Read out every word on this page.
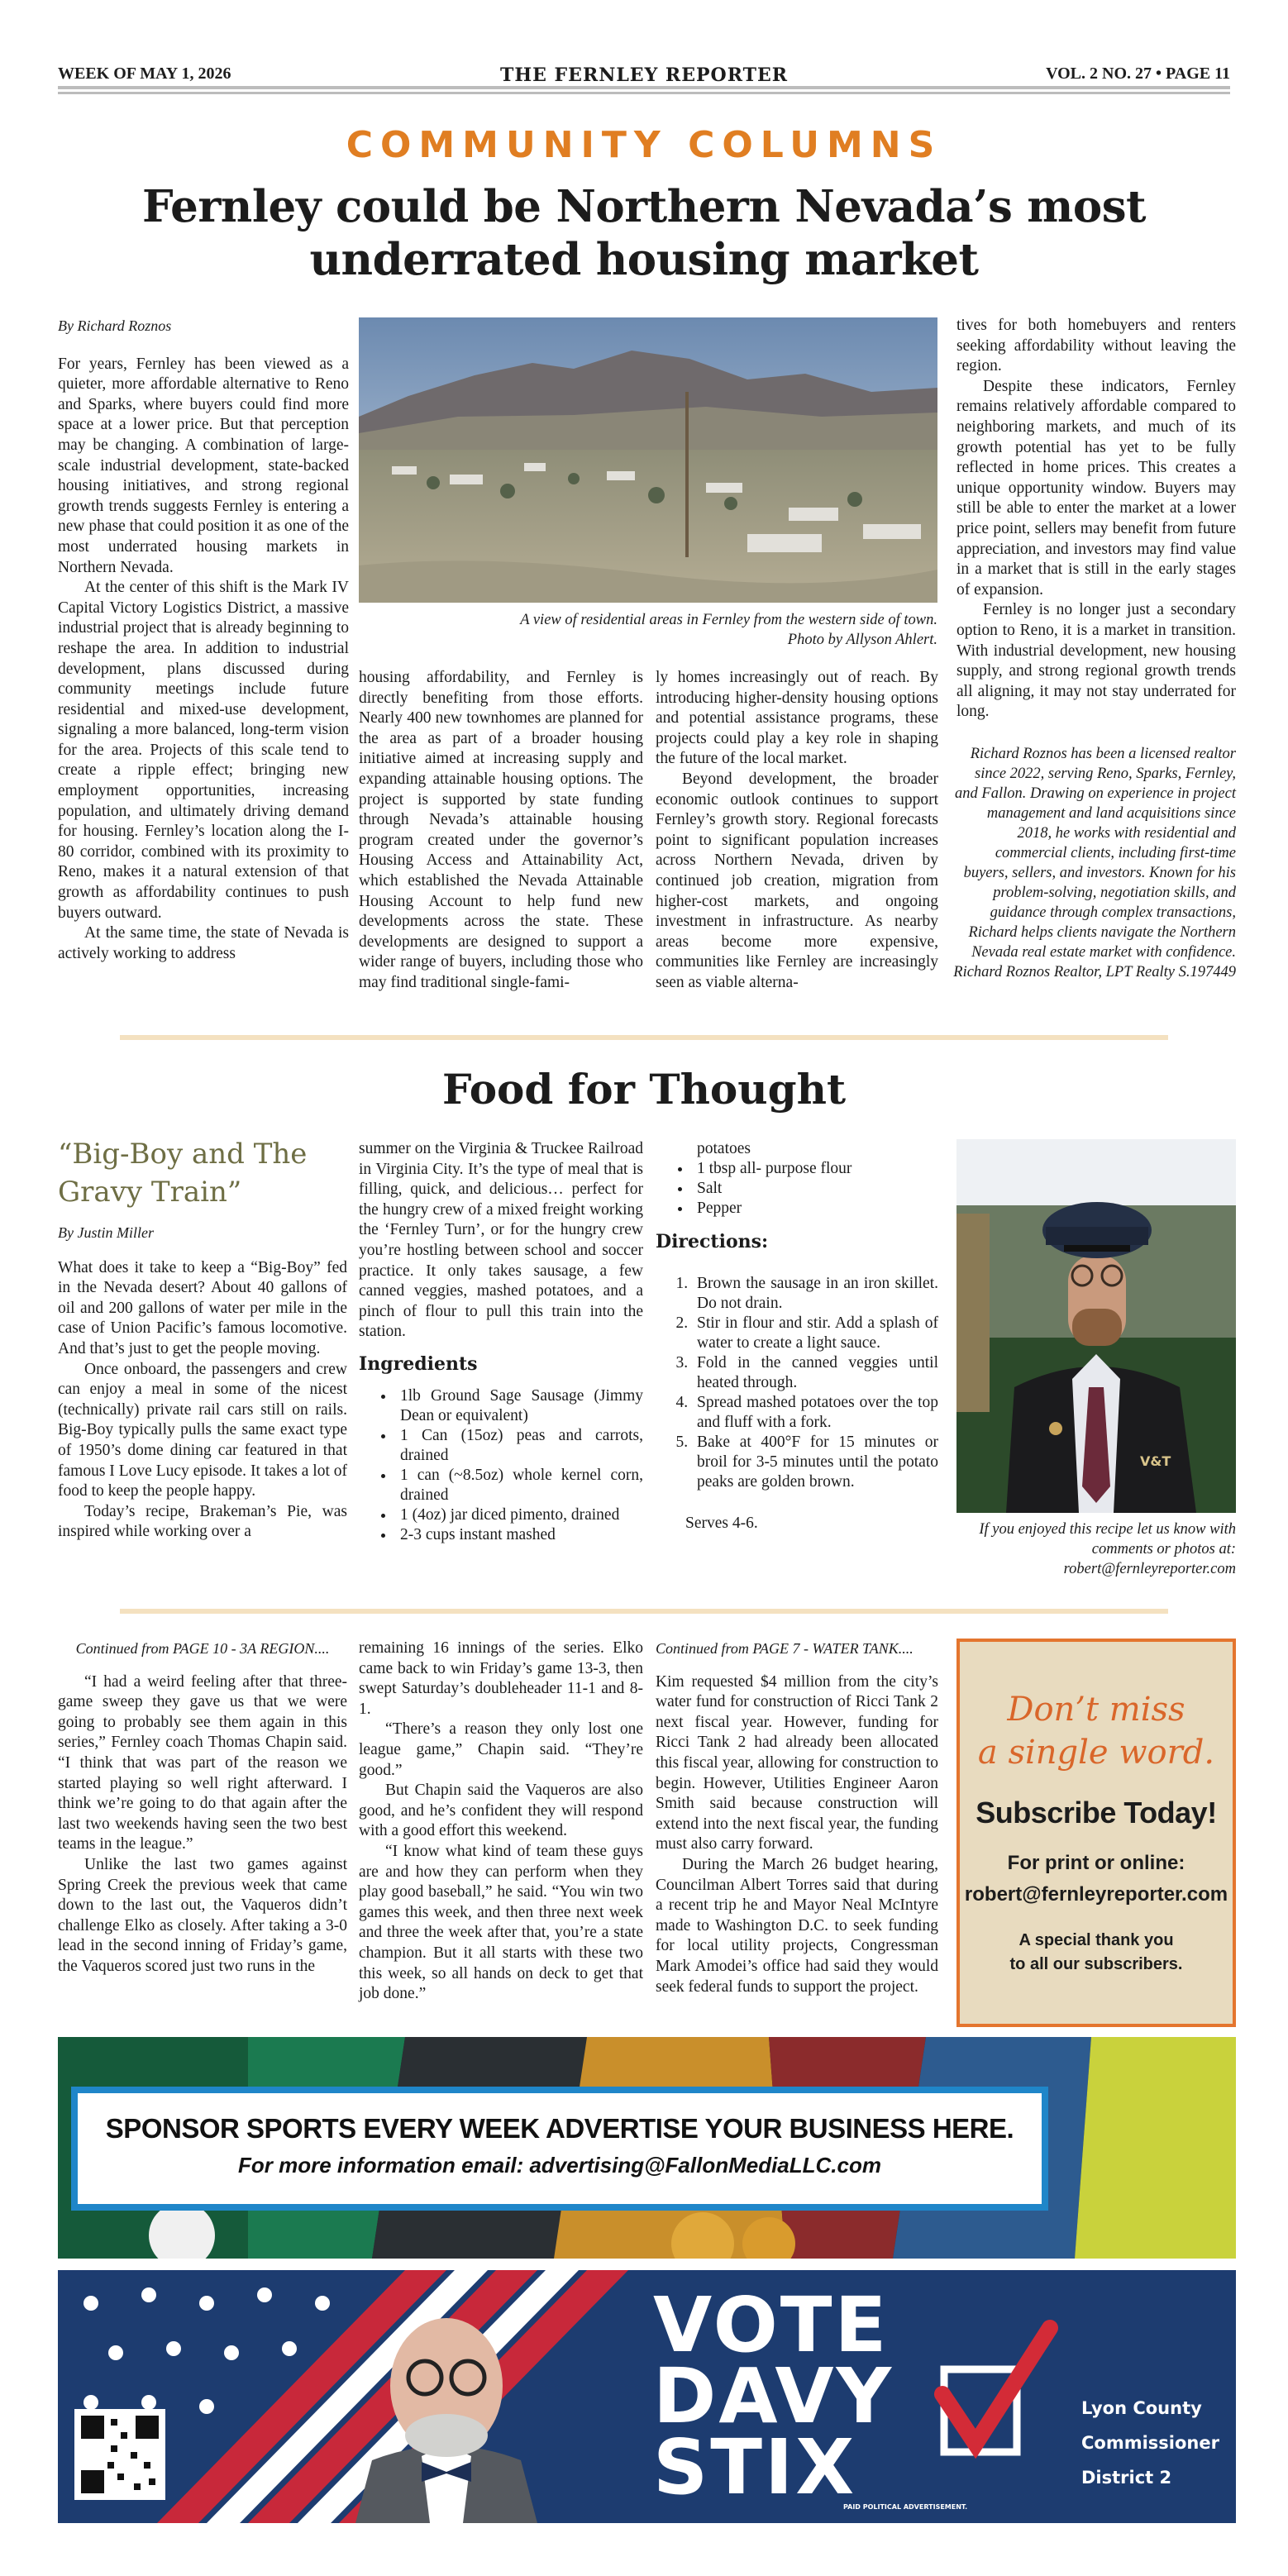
WEEK OF MAY 1, 2026	THE FERNLEY REPORTER	VOL. 2 NO. 27 • PAGE 11
COMMUNITY COLUMNS
Fernley could be Northern Nevada’s most underrated housing market
By Richard Roznos

For years, Fernley has been viewed as a quieter, more affordable alternative to Reno and Sparks, where buyers could find more space at a lower price. But that perception may be changing. A combination of large-scale industrial development, state-backed housing initiatives, and strong regional growth trends suggests Fernley is entering a new phase that could position it as one of the most underrated housing markets in Northern Nevada.

At the center of this shift is the Mark IV Capital Victory Logistics District, a massive industrial project that is already beginning to reshape the area. In addition to industrial development, plans discussed during community meetings include future residential and mixed-use development, signaling a more balanced, long-term vision for the area. Projects of this scale tend to create a ripple effect; bringing new employment opportunities, increasing population, and ultimately driving demand for housing. Fernley’s location along the I-80 corridor, combined with its proximity to Reno, makes it a natural extension of that growth as affordability continues to push buyers outward.

At the same time, the state of Nevada is actively working to address

A view of residential areas in Fernley from the western side of town.
Photo by Allyson Ahlert.

housing affordability, and Fernley is directly benefiting from those efforts. Nearly 400 new townhomes are planned for the area as part of a broader housing initiative aimed at increasing supply and expanding attainable housing options. The project is supported by state funding through Nevada’s attainable housing program created under the governor’s Housing Access and Attainability Act, which established the Nevada Attainable Housing Account to help fund new developments across the state. These developments are designed to support a wider range of buyers, including those who may find traditional single-fami-

ly homes increasingly out of reach. By introducing higher-density housing options and potential assistance programs, these projects could play a key role in shaping the future of the local market.

Beyond development, the broader economic outlook continues to support Fernley’s growth story. Regional forecasts point to significant population increases across Northern Nevada, driven by continued job creation, migration from higher-cost markets, and ongoing investment in infrastructure. As nearby areas become more expensive, communities like Fernley are increasingly seen as viable alterna-

tives for both homebuyers and renters seeking affordability without leaving the region.

Despite these indicators, Fernley remains relatively affordable compared to neighboring markets, and much of its growth potential has yet to be fully reflected in home prices. This creates a unique opportunity window. Buyers may still be able to enter the market at a lower price point, sellers may benefit from future appreciation, and investors may find value in a market that is still in the early stages of expansion.

Fernley is no longer just a secondary option to Reno, it is a market in transition. With industrial development, new housing supply, and strong regional growth trends all aligning, it may not stay underrated for long.

Richard Roznos has been a licensed realtor since 2022, serving Reno, Sparks, Fernley, and Fallon. Drawing on experience in project management and land acquisitions since 2018, he works with residential and commercial clients, including first-time buyers, sellers, and investors. Known for his problem-solving, negotiation skills, and guidance through complex transactions, Richard helps clients navigate the Northern Nevada real estate market with confidence. Richard Roznos Realtor, LPT Realty S.197449
Food for Thought
“Big-Boy and The Gravy Train”
By Justin Miller

What does it take to keep a “Big-Boy” fed in the Nevada desert? About 40 gallons of oil and 200 gallons of water per mile in the case of Union Pacific’s famous locomotive. And that’s just to get the people moving.

Once onboard, the passengers and crew can enjoy a meal in some of the nicest (technically) private rail cars still on rails. Big-Boy typically pulls the same exact type of 1950’s dome dining car featured in that famous I Love Lucy episode. It takes a lot of food to keep the people happy.

Today’s recipe, Brakeman’s Pie, was inspired while working over a

summer on the Virginia & Truckee Railroad in Virginia City. It’s the type of meal that is filling, quick, and delicious… perfect for the hungry crew of a mixed freight working the ‘Fernley Turn’, or for the hungry crew you’re hostling between school and soccer practice. It only takes sausage, a few canned veggies, mashed potatoes, and a pinch of flour to pull this train into the station.

Ingredients
• 1lb Ground Sage Sausage (Jimmy Dean or equivalent)
• 1 Can (15oz) peas and carrots, drained
• 1 can (~8.5oz) whole kernel corn, drained
• 1 (4oz) jar diced pimento, drained
• 2-3 cups instant mashed
potatoes
• 1 tbsp all- purpose flour
• Salt
• Pepper
Directions:
1. Brown the sausage in an iron skillet. Do not drain.
2. Stir in flour and stir. Add a splash of water to create a light sauce.
3. Fold in the canned veggies until heated through.
4. Spread mashed potatoes over the top and fluff with a fork.
5. Bake at 400°F for 15 minutes or broil for 3-5 minutes until the potato peaks are golden brown.
Serves 4-6.
V&T
If you enjoyed this recipe let us know with comments or photos at: robert@fernleyreporter.com
Continued from PAGE 10 - 3A REGION....

“I had a weird feeling after that three-game sweep they gave us that we were going to probably see them again in this series,” Fernley coach Thomas Chapin said. “I think that was part of the reason we started playing so well right afterward. I think we’re going to do that again after the last two weekends having seen the two best teams in the league.”

Unlike the last two games against Spring Creek the previous week that came down to the last out, the Vaqueros didn’t challenge Elko as closely. After taking a 3-0 lead in the second inning of Friday’s game, the Vaqueros scored just two runs in the

remaining 16 innings of the series. Elko came back to win Friday’s game 13-3, then swept Saturday’s doubleheader 11-1 and 8-1.

“There’s a reason they only lost one league game,” Chapin said. “They’re good.”

But Chapin said the Vaqueros are also good, and he’s confident they will respond with a good effort this weekend.

“I know what kind of team these guys are and how they can perform when they play good baseball,” he said. “You win two games this week, and then three next week and three the week after that, you’re a state champion. But it all starts with these two this week, so all hands on deck to get that job done.”

Continued from PAGE 7 - WATER TANK....

Kim requested $4 million from the city’s water fund for construction of Ricci Tank 2 next fiscal year. However, funding for Ricci Tank 2 had already been allocated this fiscal year, allowing for construction to begin. However, Utilities Engineer Aaron Smith said because construction will extend into the next fiscal year, the funding must also carry forward.

During the March 26 budget hearing, Councilman Albert Torres said that during a recent trip he and Mayor Neal McIntyre made to Washington D.C. to seek funding for local utility projects, Congressman Mark Amodei’s office had said they would seek federal funds to support the project.

Don’t miss
a single word.
Subscribe Today!
For print or online:
robert@fernleyreporter.com
A special thank you
to all our subscribers.
SPONSOR SPORTS EVERY WEEK ADVERTISE YOUR BUSINESS HERE.
For more information email: advertising@FallonMediaLLC.com
VOTE
DAVY
STIX
Lyon County
Commissioner
District 2
PAID POLITICAL ADVERTISEMENT.
